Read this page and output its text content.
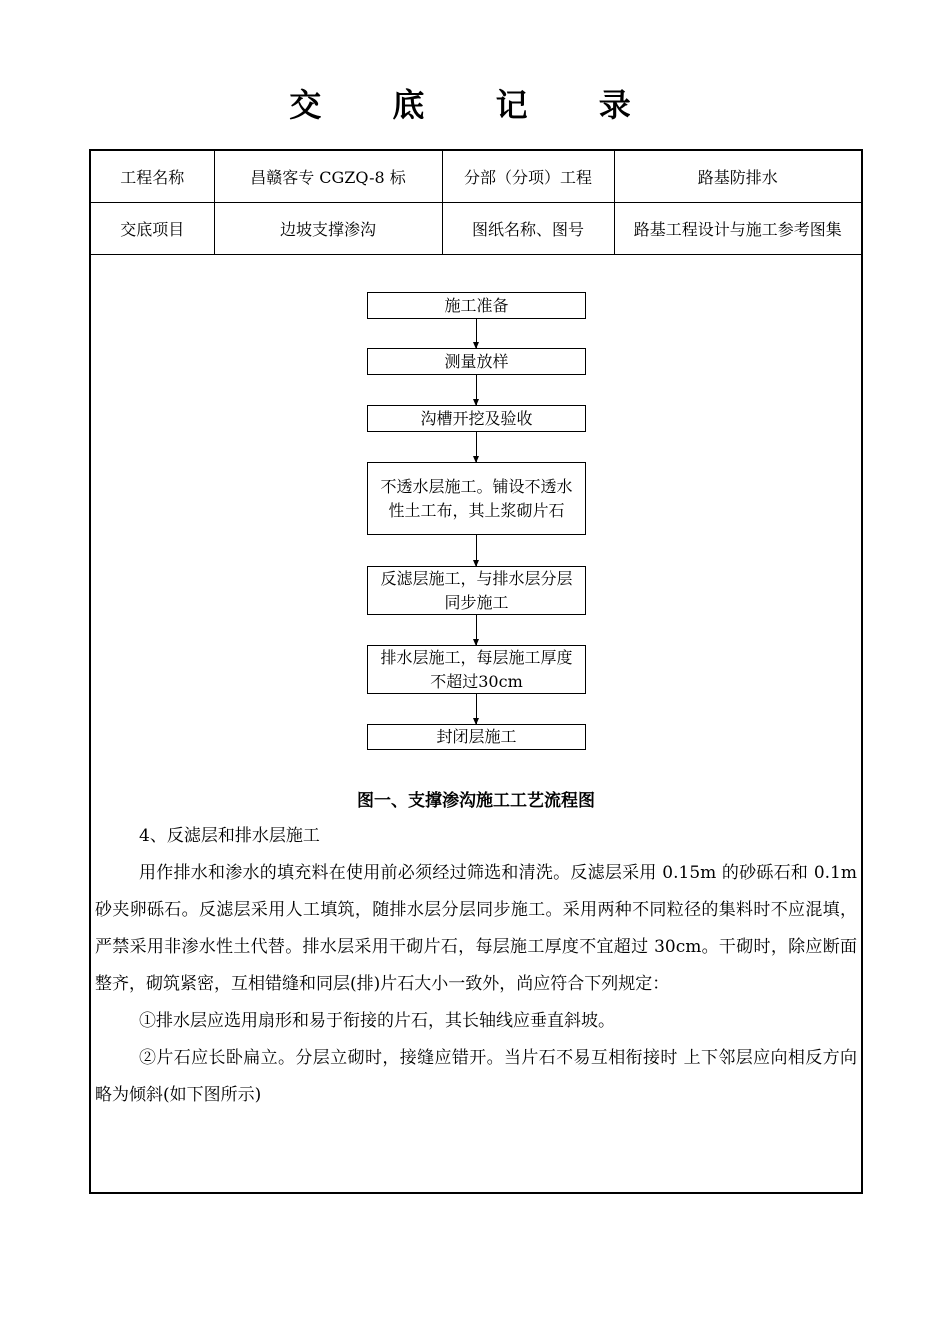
交 底 记 录
工程名称	昌赣客专 CGZQ-8 标	分部（分项）工程	路基防排水
交底项目	边坡支撑渗沟	图纸名称、图号	路基工程设计与施工参考图集
施工准备
测量放样
沟槽开挖及验收
不透水层施工。铺设不透水性土工布，其上浆砌片石
反滤层施工，与排水层分层同步施工
排水层施工，每层施工厚度不超过30cm
封闭层施工
图一、支撑渗沟施工工艺流程图
4、反滤层和排水层施工

用作排水和渗水的填充料在使用前必须经过筛选和清洗。反滤层采用 0.15m 的砂砾石和 0.1m 砂夹卵砾石。反滤层采用人工填筑，随排水层分层同步施工。采用两种不同粒径的集料时不应混填，严禁采用非渗水性土代替。排水层采用干砌片石，每层施工厚度不宜超过 30cm。干砌时，除应断面整齐，砌筑紧密，互相错缝和同层(排)片石大小一致外，尚应符合下列规定：

①排水层应选用扇形和易于衔接的片石，其长轴线应垂直斜坡。

②片石应长卧扁立。分层立砌时，接缝应错开。当片石不易互相衔接时 上下邻层应向相反方向略为倾斜(如下图所示)
